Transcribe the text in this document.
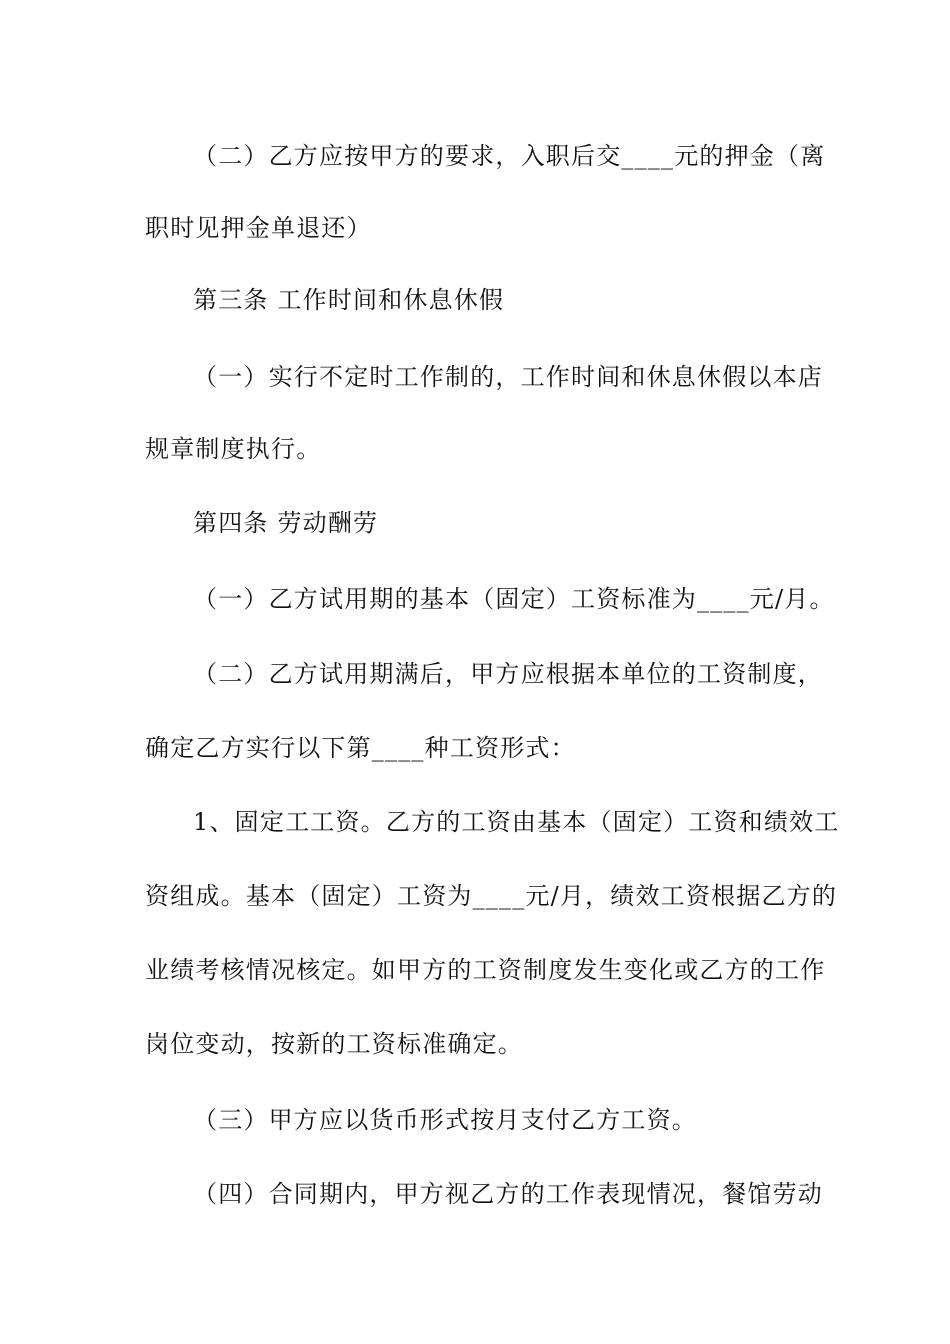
（二）乙方应按甲方的要求，入职后交____元的押金（离
职时见押金单退还）
第三条 工作时间和休息休假
（一）实行不定时工作制的，工作时间和休息休假以本店
规章制度执行。
第四条 劳动酬劳
（一）乙方试用期的基本（固定）工资标准为____元/月。
（二）乙方试用期满后，甲方应根据本单位的工资制度，
确定乙方实行以下第____种工资形式：
1、固定工工资。乙方的工资由基本（固定）工资和绩效工
资组成。基本（固定）工资为____元/月，绩效工资根据乙方的
业绩考核情况核定。如甲方的工资制度发生变化或乙方的工作
岗位变动，按新的工资标准确定。
（三）甲方应以货币形式按月支付乙方工资。
（四）合同期内，甲方视乙方的工作表现情况，餐馆劳动
